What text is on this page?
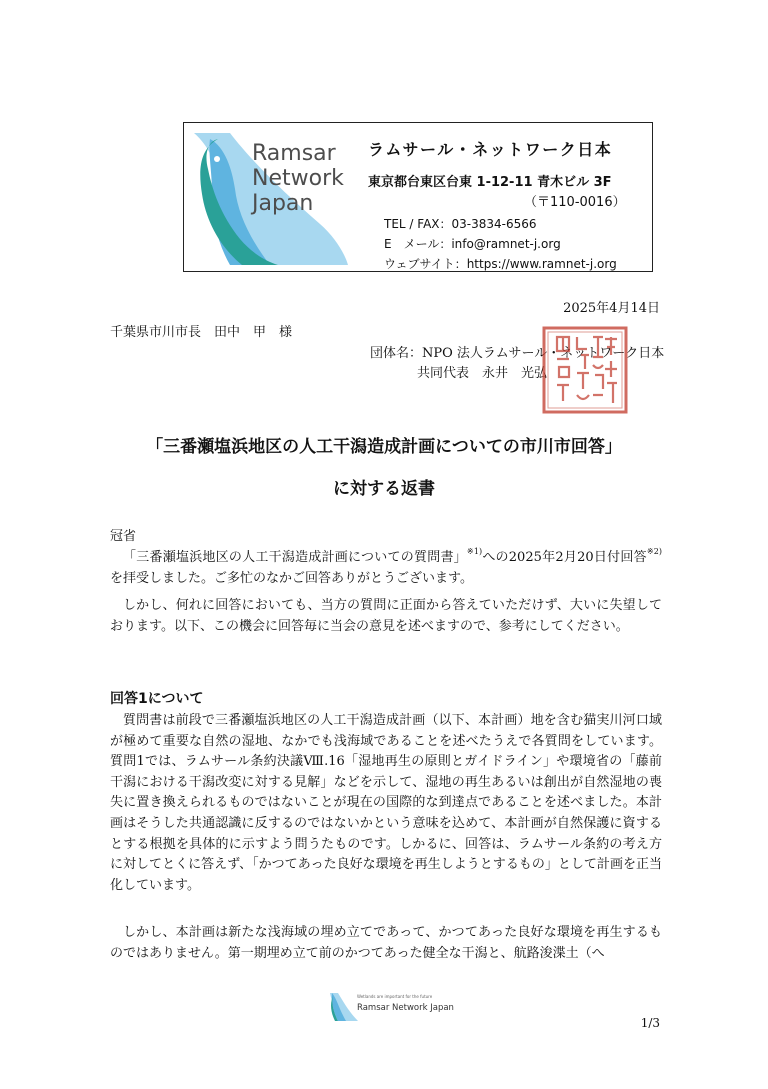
Ramsar
Network
Japan
ラムサール・ネットワーク日本
東京都台東区台東 1-12-11 青木ビル 3F
（〒110-0016）
TEL / FAX：03-3834-6566
E　メール：info@ramnet-j.org
ウェブサイト：https://www.ramnet-j.org
2025年4月14日
千葉県市川市長　田中　甲　様
団体名：NPO 法人ラムサール・ネットワーク日本
共同代表　永井　光弘
「三番瀬塩浜地区の人工干潟造成計画についての市川市回答」
に対する返書

冠省

「三番瀬塩浜地区の人工干潟造成計画についての質問書」$^{※1)}$への2025年2月20日付回答$^{※2)}$を拝受しました。ご多忙のなかご回答ありがとうございます。

しかし、何れに回答においても、当方の質問に正面から答えていただけず、大いに失望しております。以下、この機会に回答毎に当会の意見を述べますので、参考にしてください。

回答1について

質問書は前段で三番瀬塩浜地区の人工干潟造成計画（以下、本計画）地を含む猫実川河口域が極めて重要な自然の湿地、なかでも浅海域であることを述べたうえで各質問をしています。質問1では、ラムサール条約決議Ⅷ.16「湿地再生の原則とガイドライン」や環境省の「藤前干潟における干潟改変に対する見解」などを示して、湿地の再生あるいは創出が自然湿地の喪失に置き換えられるものではないことが現在の国際的な到達点であることを述べました。本計画はそうした共通認識に反するのではないかという意味を込めて、本計画が自然保護に資するとする根拠を具体的に示すよう問うたものです。しかるに、回答は、ラムサール条約の考え方に対してとくに答えず、「かつてあった良好な環境を再生しようとするもの」として計画を正当化しています。

しかし、本計画は新たな浅海域の埋め立てであって、かつてあった良好な環境を再生するものではありません。第一期埋め立て前のかつてあった健全な干潟と、航路浚渫土（へ

Wetlands are important for the future
Ramsar Network Japan
1/3
